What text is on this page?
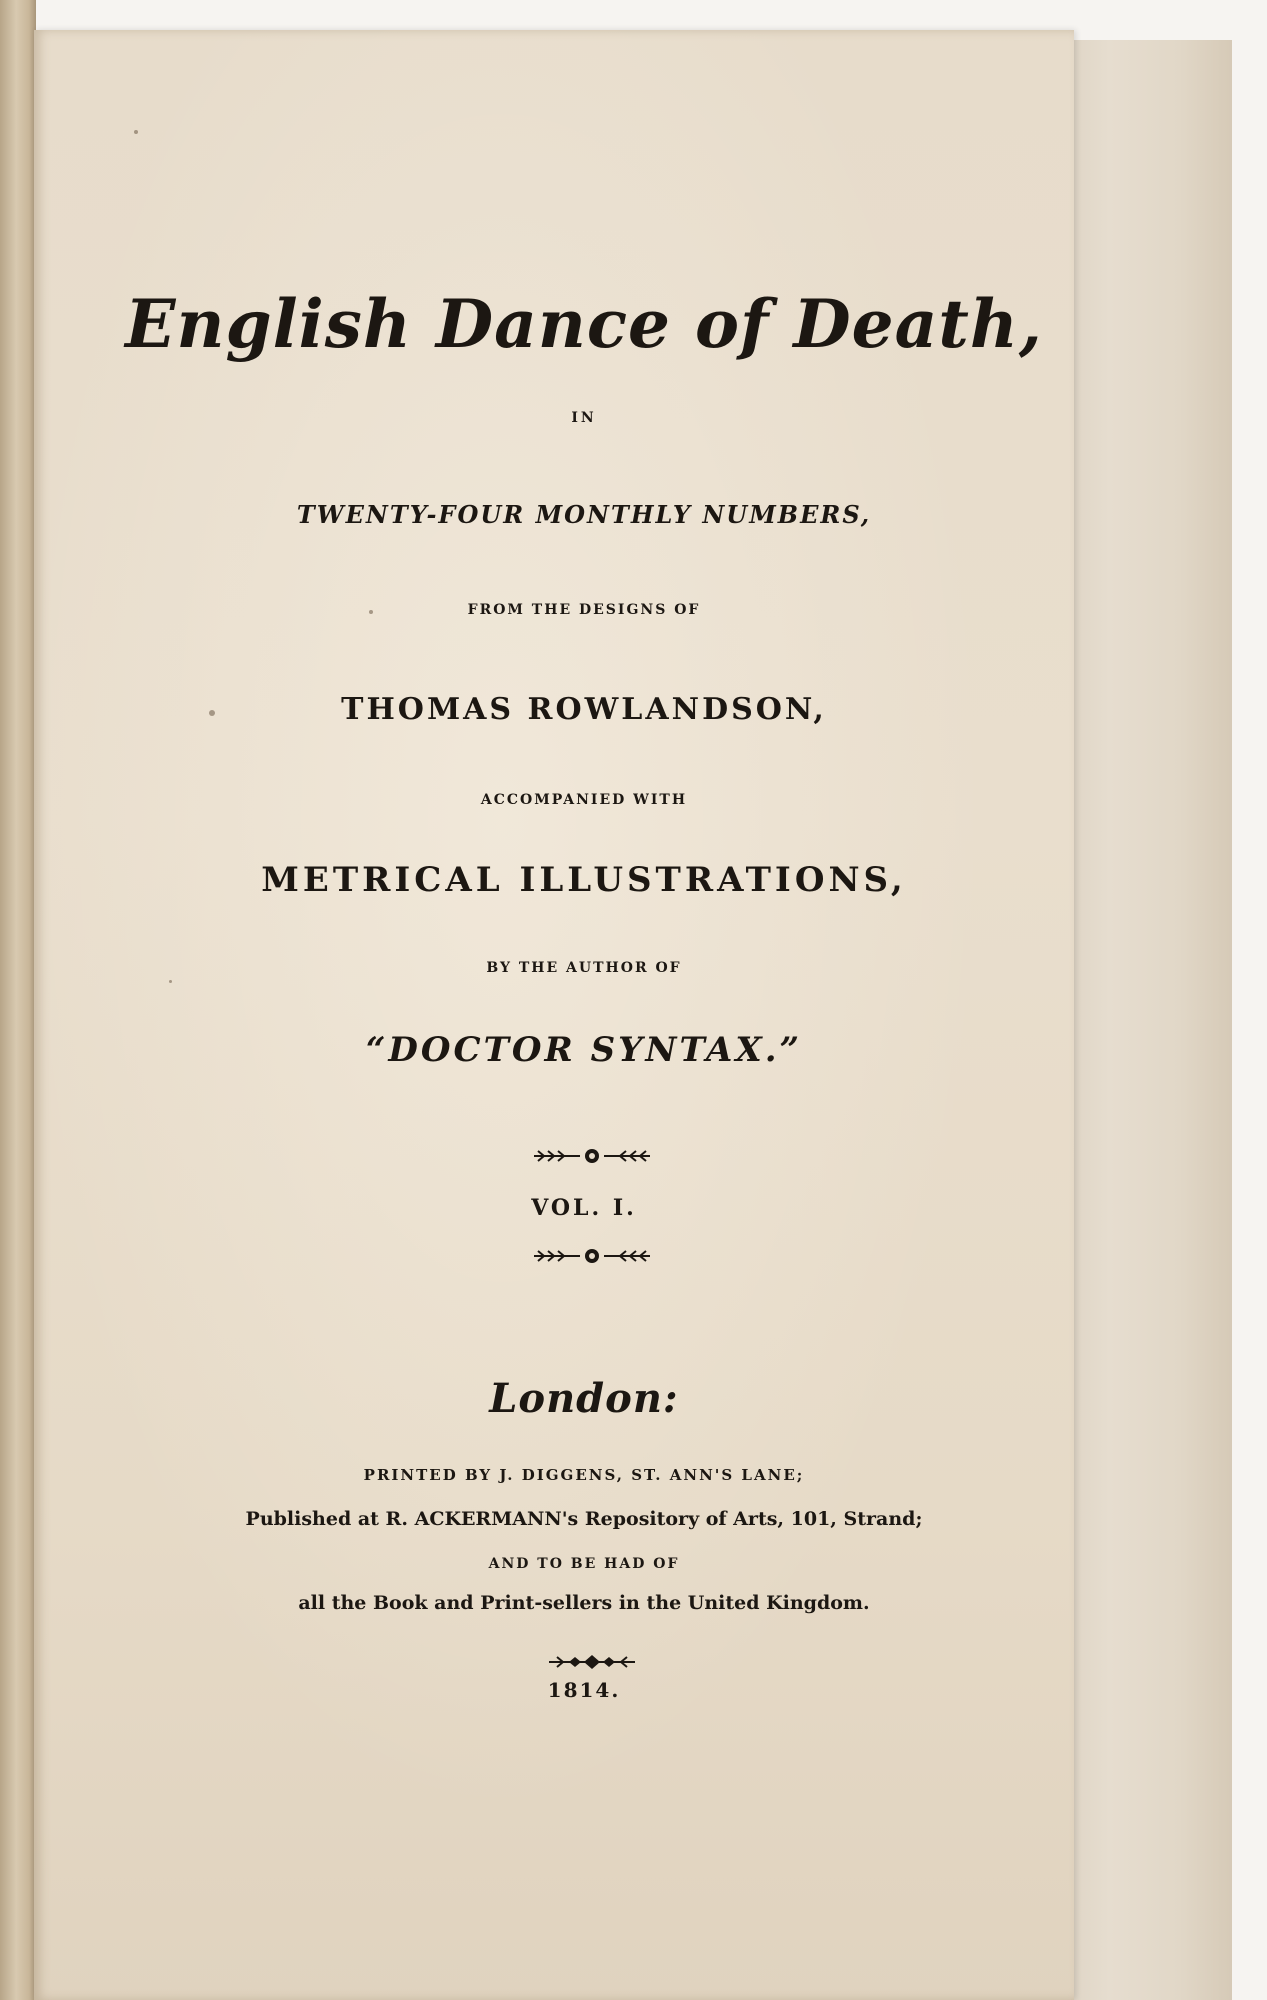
English Dance of Death,
IN
TWENTY-FOUR MONTHLY NUMBERS,
FROM THE DESIGNS OF
THOMAS ROWLANDSON,
ACCOMPANIED WITH
METRICAL ILLUSTRATIONS,
BY THE AUTHOR OF
“DOCTOR SYNTAX.”
VOL. I.
London:
PRINTED BY J. DIGGENS, ST. ANN'S LANE;
Published at R. ACKERMANN's Repository of Arts, 101, Strand;
AND TO BE HAD OF
all the Book and Print-sellers in the United Kingdom.
1814.
